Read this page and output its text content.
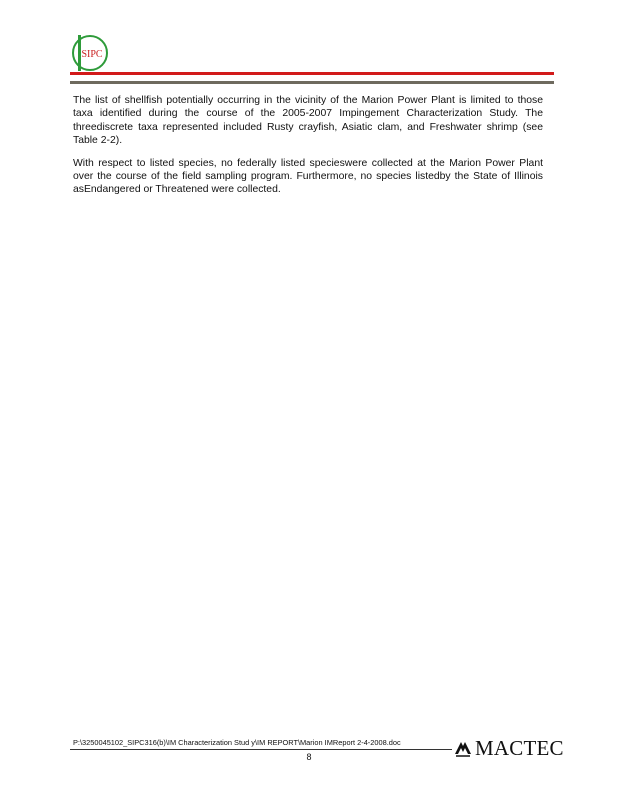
SIPC

The list of shellfish potentially occurring in the vicinity of the Marion Power Plant is limited to those taxa identified during the course of the 2005-2007 Impingement Characterization Study. The threediscrete taxa represented included Rusty crayfish, Asiatic clam, and Freshwater shrimp (see Table 2-2).

With respect to listed species, no federally listed specieswere collected at the Marion Power Plant over the course of the field sampling program. Furthermore, no species listedby the State of Illinois asEndangered or Threatened were collected.

P:\3250045102_SIPC316(b)\IM Characterization Stud y\IM REPORT\Marion IMReport 2-4-2008.doc
8	MACTEC
